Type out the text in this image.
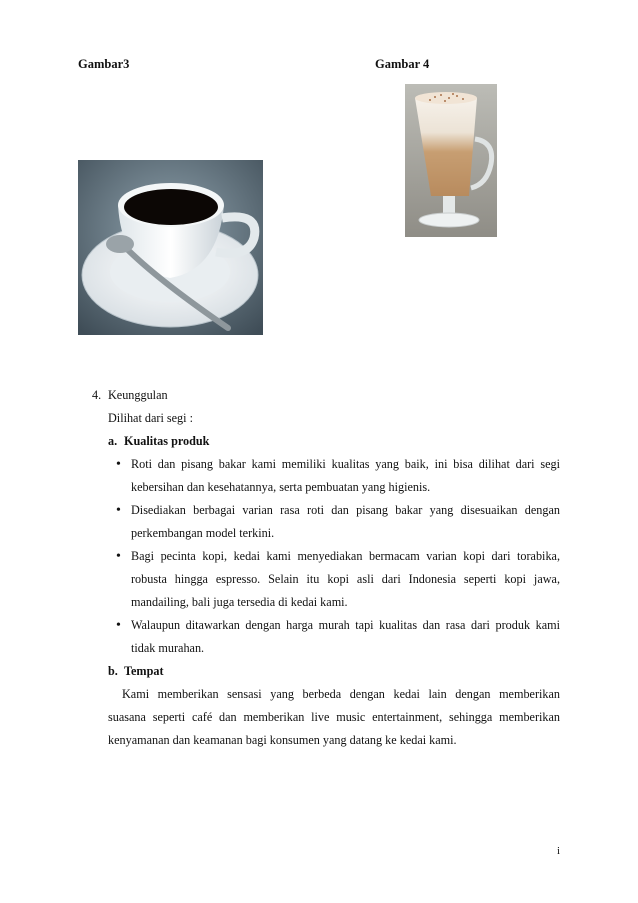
Gambar3	Gambar 4
4. Keunggulan
Dilihat dari segi :
a. Kualitas produk
• Roti dan pisang bakar kami memiliki kualitas yang baik, ini bisa dilihat dari segi
kebersihan dan kesehatannya, serta pembuatan yang higienis.
• Disediakan berbagai varian rasa roti dan pisang bakar yang disesuaikan dengan
perkembangan model terkini.
• Bagi pecinta kopi, kedai kami menyediakan bermacam varian kopi dari torabika,
robusta hingga espresso. Selain itu kopi asli dari Indonesia seperti kopi jawa,
mandailing, bali juga tersedia di kedai kami.
• Walaupun ditawarkan dengan harga murah tapi kualitas dan rasa dari produk kami
tidak murahan.
b. Tempat
Kami memberikan sensasi yang berbeda dengan kedai lain dengan memberikan
suasana seperti café dan memberikan live music entertainment, sehingga memberikan
kenyamanan dan keamanan bagi konsumen yang datang ke kedai kami.
i
